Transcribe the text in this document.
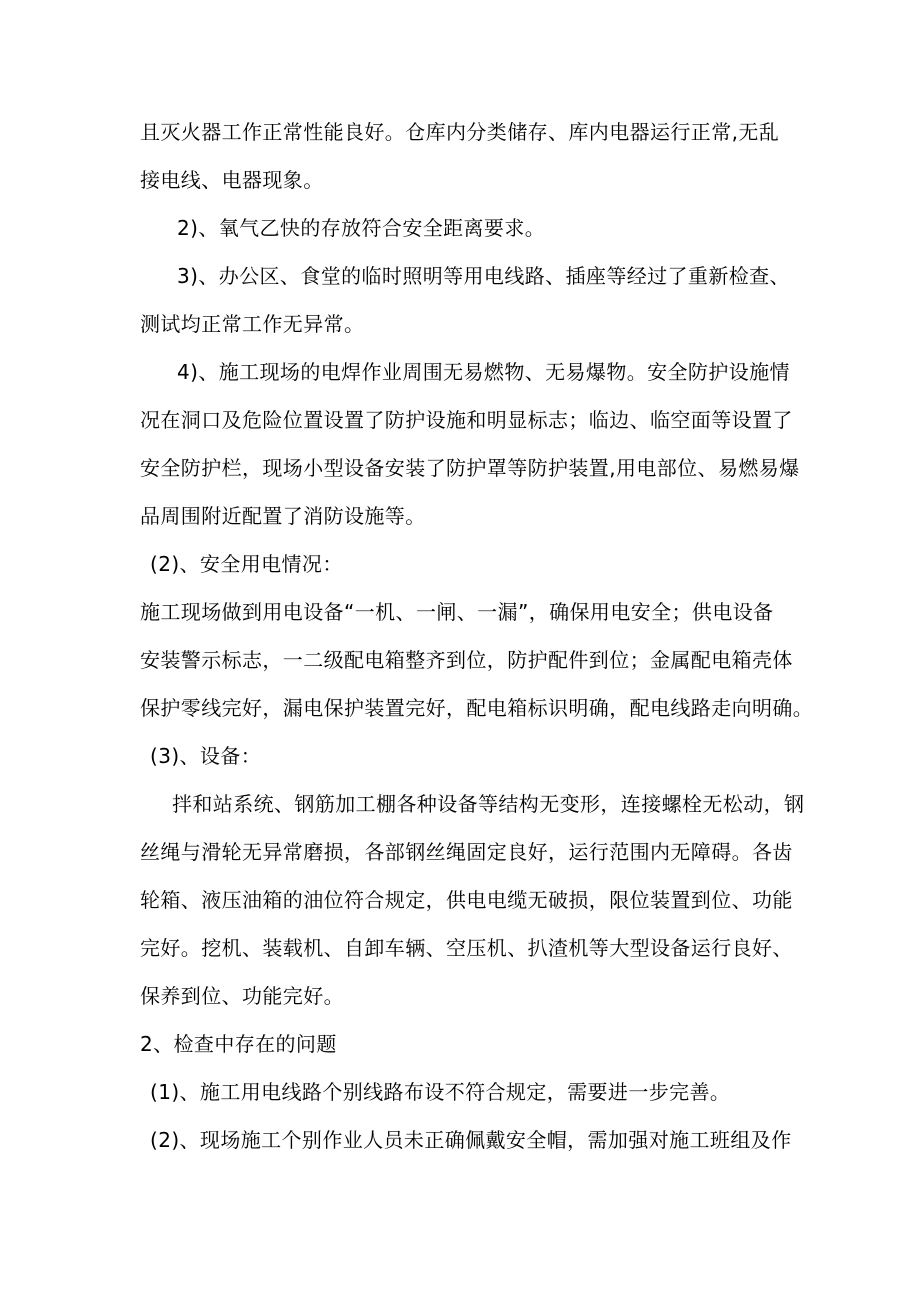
且灭火器工作正常性能良好。仓库内分类储存、库内电器运行正常,无乱
接电线、电器现象。
2)、氧气乙快的存放符合安全距离要求。
3)、办公区、食堂的临时照明等用电线路、插座等经过了重新检查、
测试均正常工作无异常。
4)、施工现场的电焊作业周围无易燃物、无易爆物。安全防护设施情
况在洞口及危险位置设置了防护设施和明显标志；临边、临空面等设置了
安全防护栏，现场小型设备安装了防护罩等防护装置,用电部位、易燃易爆
品周围附近配置了消防设施等。
(2)、安全用电情况：
施工现场做到用电设备“一机、一闸、一漏”，确保用电安全；供电设备
安装警示标志，一二级配电箱整齐到位，防护配件到位；金属配电箱壳体
保护零线完好，漏电保护装置完好，配电箱标识明确，配电线路走向明确。
(3)、设备：
拌和站系统、钢筋加工棚各种设备等结构无变形，连接螺栓无松动，钢
丝绳与滑轮无异常磨损，各部钢丝绳固定良好，运行范围内无障碍。各齿
轮箱、液压油箱的油位符合规定，供电电缆无破损，限位装置到位、功能
完好。挖机、装载机、自卸车辆、空压机、扒渣机等大型设备运行良好、
保养到位、功能完好。
2、检查中存在的问题
(1)、施工用电线路个别线路布设不符合规定，需要进一步完善。
(2)、现场施工个别作业人员未正确佩戴安全帽，需加强对施工班组及作
